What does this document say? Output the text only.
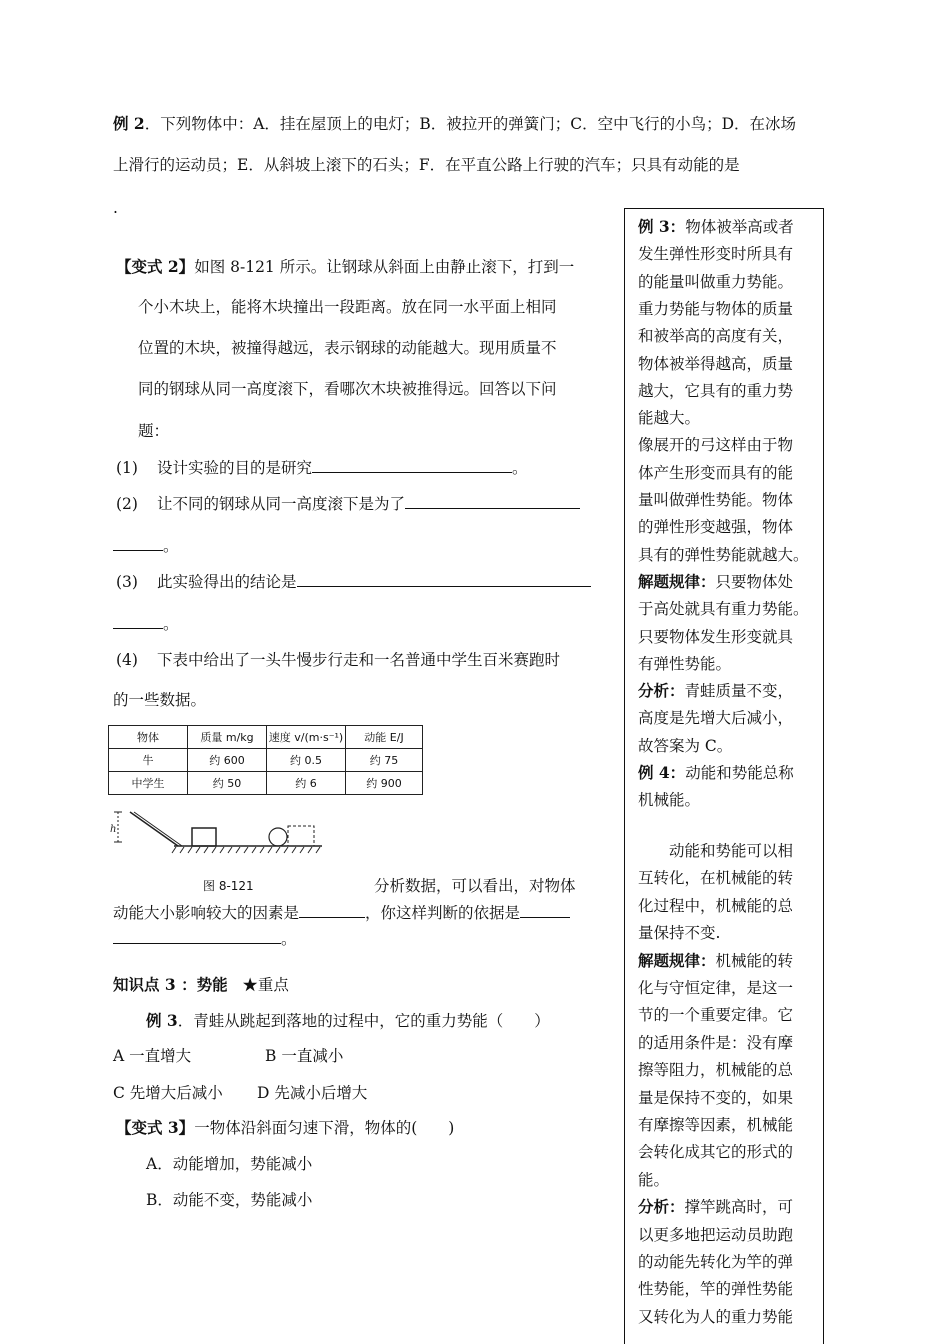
例 2．下列物体中：A．挂在屋顶上的电灯；B．被拉开的弹簧门；C．空中飞行的小鸟；D．在冰场
上滑行的运动员；E．从斜坡上滚下的石头；F．在平直公路上行驶的汽车；只具有动能的是
.
【变式 2】如图 8-121 所示。让钢球从斜面上由静止滚下，打到一
个小木块上，能将木块撞出一段距离。放在同一水平面上相同
位置的木块，被撞得越远，表示钢球的动能越大。现用质量不
同的钢球从同一高度滚下，看哪次木块被推得远。回答以下问
题：
(1) 设计实验的目的是研究	。
(2) 让不同的钢球从同一高度滚下是为了
。
(3) 此实验得出的结论是
。
(4) 下表中给出了一头牛慢步行走和一名普通中学生百米赛跑时
的一些数据。
物体	质量 m/kg	速度 v/(m·s⁻¹)	动能 E/J
牛	约 600	约 0.5	约 75
中学生	约 50	约 6	约 900
h
图 8-121	分析数据，可以看出，对物体
动能大小影响较大的因素是	，你这样判断的依据是
。
知识点 3 ：势能 ★重点
例 3．青蛙从跳起到落地的过程中，它的重力势能（　　）
A 一直增大	B 一直减小
C 先增大后减小 D 先减小后增大
【变式 3】一物体沿斜面匀速下滑，物体的(　　)
A．动能增加，势能减小
B．动能不变，势能减小
例 3：物体被举高或者
发生弹性形变时所具有
的能量叫做重力势能。
重力势能与物体的质量
和被举高的高度有关，
物体被举得越高，质量
越大，它具有的重力势
能越大。
像展开的弓这样由于物
体产生形变而具有的能
量叫做弹性势能。物体
的弹性形变越强，物体
具有的弹性势能就越大。
解题规律：只要物体处
于高处就具有重力势能。
只要物体发生形变就具
有弹性势能。
分析：青蛙质量不变，
高度是先增大后减小，
故答案为 C。
例 4：动能和势能总称
机械能。
　　动能和势能可以相
互转化，在机械能的转
化过程中，机械能的总
量保持不变.
解题规律：机械能的转
化与守恒定律，是这一
节的一个重要定律。它
的适用条件是：没有摩
擦等阻力，机械能的总
量是保持不变的，如果
有摩擦等因素，机械能
会转化成其它的形式的
能。
分析：撑竿跳高时，可
以更多地把运动员助跑
的动能先转化为竿的弹
性势能，竿的弹性势能
又转化为人的重力势能
